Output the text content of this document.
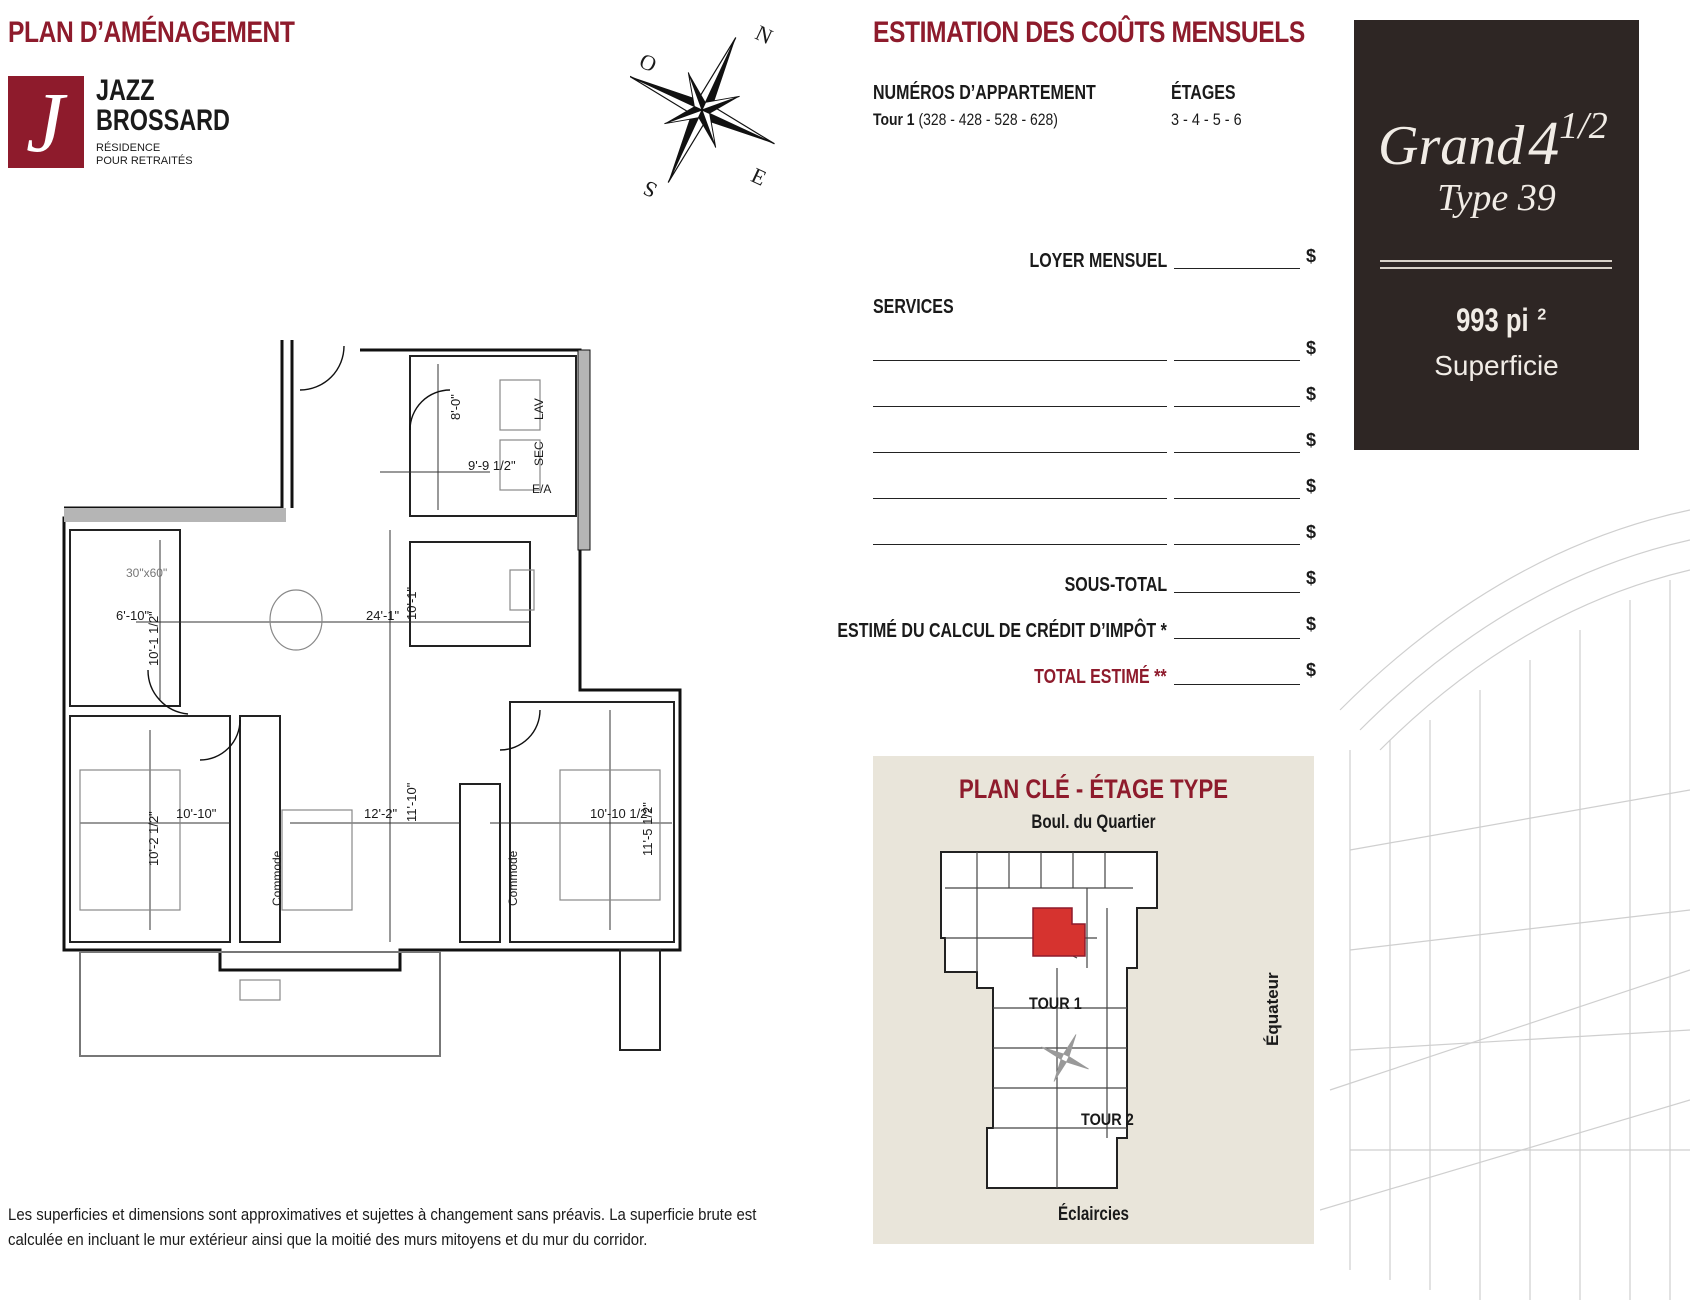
PLAN D’AMÉNAGEMENT	ESTIMATION DES COÛTS MENSUELS
J JAZZ
BROSSARD
RÉSIDENCE
POUR RETRAITÉS
N
E
S
O
NUMÉROS D’APPARTEMENT
Tour 1 (328 - 428 - 528 - 628)
ÉTAGES
3 - 4 - 5 - 6 Grand 41/2
Type 39
993 pi $^2$
Superficie
LOYER MENSUEL	$
SERVICES
$
$
$
$
$
SOUS-TOTAL	$
ESTIMÉ DU CALCUL DE CRÉDIT D’IMPÔT *	$
TOTAL ESTIMÉ **	$
PLAN CLÉ - ÉTAGE TYPE
Boul. du Quartier
TOUR 1
TOUR 2
Équateur
Éclaircies
8'-0"
9'-9 1/2"
LAV
SEC
E/A
30"x60"
6'-10"
10'-1 1/2"	24'-1" 10'-1"
10'-10"
10'-2 1/2"	12'-2" 11'-10"	10'-10 1/2"
11'-5 1/2"
Commode	Commode
Les superficies et dimensions sont approximatives et sujettes à changement sans préavis. La superficie brute est calculée en incluant le mur extérieur ainsi que la moitié des murs mitoyens et du mur du corridor.
